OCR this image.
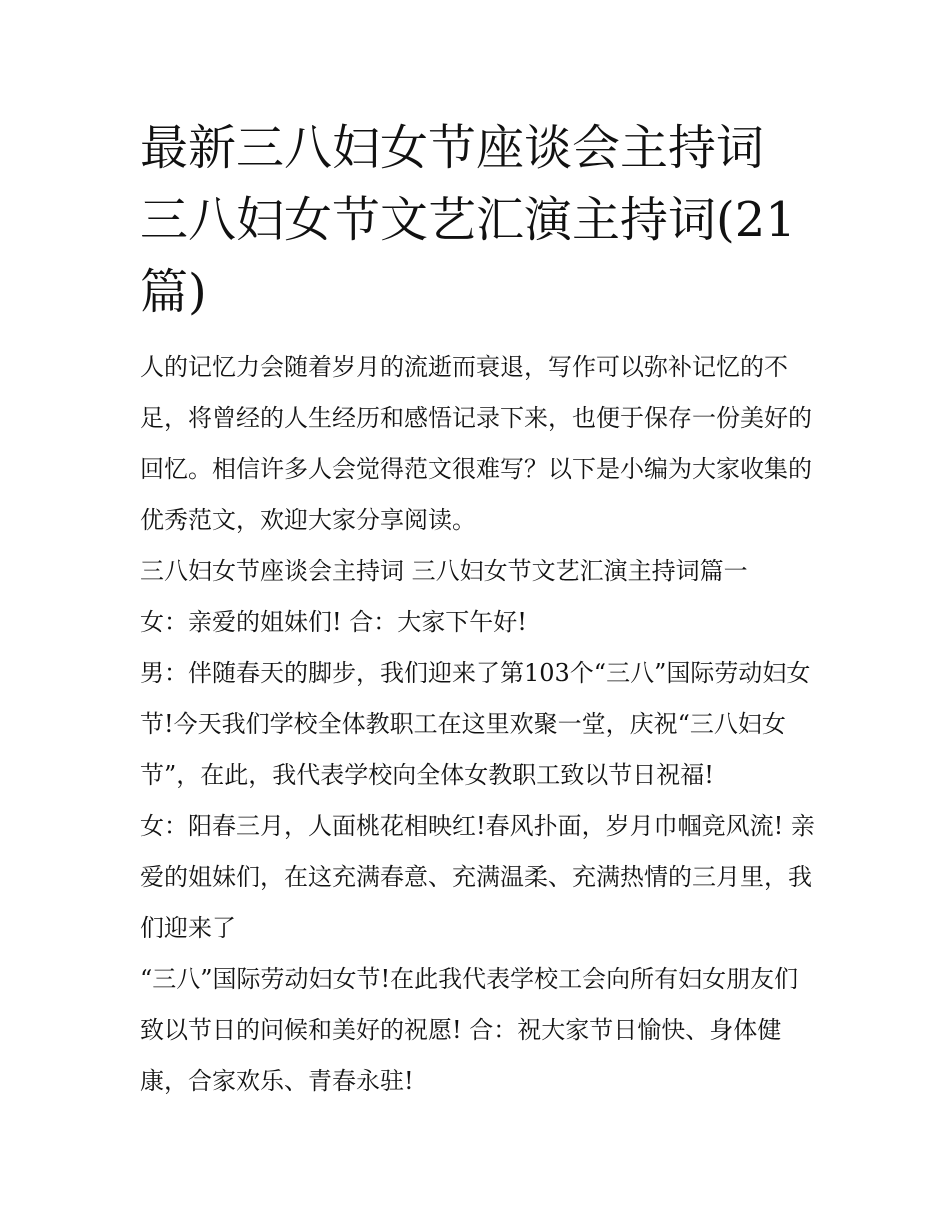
最新三八妇女节座谈会主持词 三八妇女节文艺汇演主持词(21篇)

人的记忆力会随着岁月的流逝而衰退，写作可以弥补记忆的不足，将曾经的人生经历和感悟记录下来，也便于保存一份美好的回忆。相信许多人会觉得范文很难写？以下是小编为大家收集的优秀范文，欢迎大家分享阅读。

三八妇女节座谈会主持词 三八妇女节文艺汇演主持词篇一

女：亲爱的姐妹们! 合：大家下午好!

男：伴随春天的脚步，我们迎来了第103个“三八”国际劳动妇女节!今天我们学校全体教职工在这里欢聚一堂，庆祝“三八妇女节”，在此，我代表学校向全体女教职工致以节日祝福!

女：阳春三月，人面桃花相映红!春风扑面，岁月巾帼竞风流! 亲爱的姐妹们，在这充满春意、充满温柔、充满热情的三月里，我们迎来了

“三八”国际劳动妇女节!在此我代表学校工会向所有妇女朋友们致以节日的问候和美好的祝愿! 合：祝大家节日愉快、身体健康，合家欢乐、青春永驻!
